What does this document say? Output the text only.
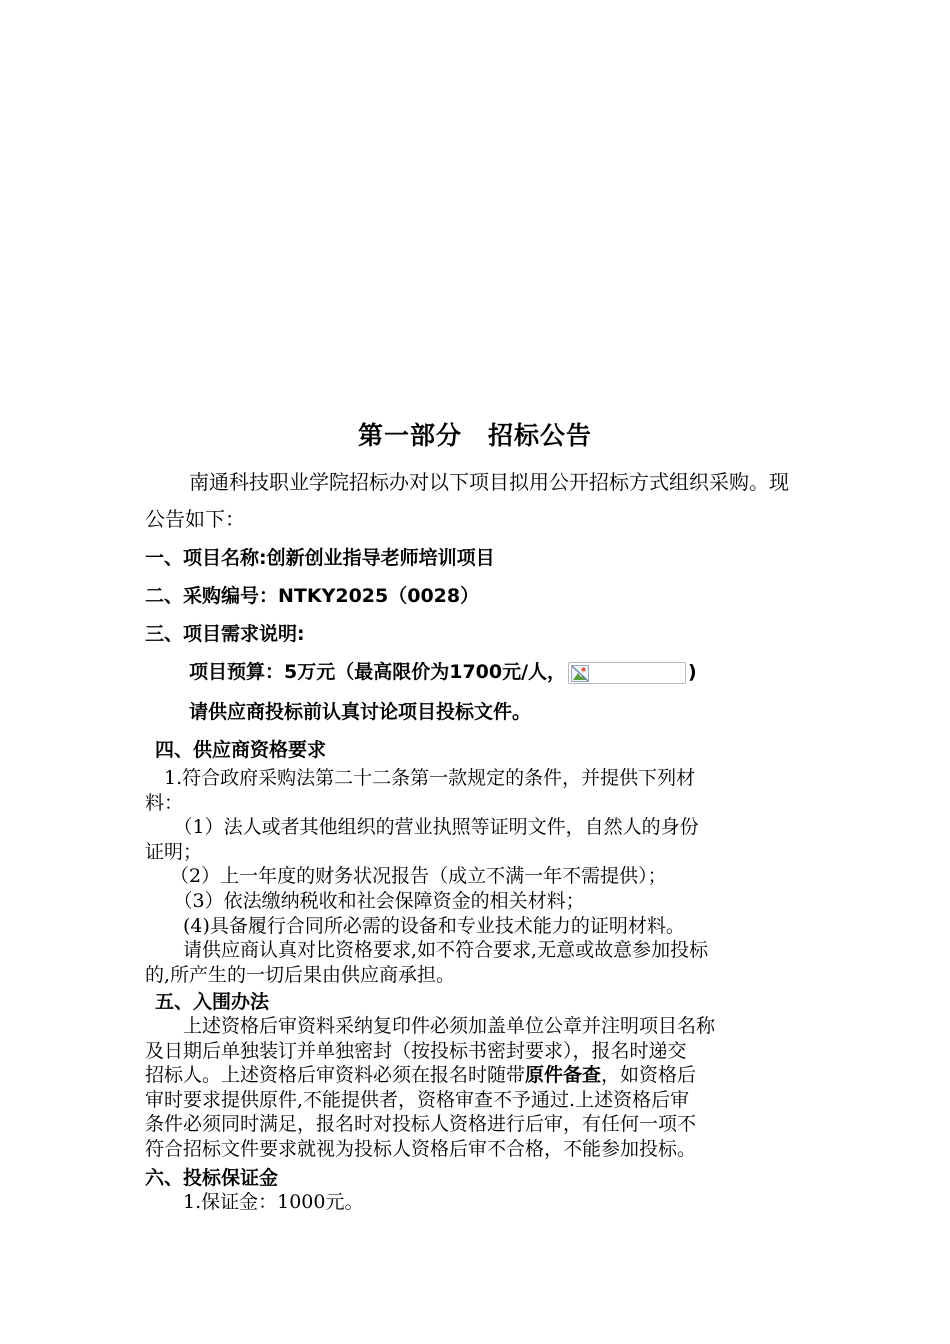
第一部分　招标公告
南通科技职业学院招标办对以下项目拟用公开招标方式组织采购。现公告如下：
一、项目名称:创新创业指导老师培训项目
二、采购编号：NTKY2025（0028）
三、项目需求说明:
项目预算：5万元（最高限价为1700元/人，	)
请供应商投标前认真讨论项目投标文件。
四、供应商资格要求
　1.符合政府采购法第二十二条第一款规定的条件，并提供下列材
料：
　　（1）法人或者其他组织的营业执照等证明文件，自然人的身份
证明；
　 （2）上一年度的财务状况报告（成立不满一年不需提供）；
　　（3）依法缴纳税收和社会保障资金的相关材料；
　　(4)具备履行合同所必需的设备和专业技术能力的证明材料。
　　请供应商认真对比资格要求,如不符合要求,无意或故意参加投标
的,所产生的一切后果由供应商承担。
五、入围办法
　　上述资格后审资料采纳复印件必须加盖单位公章并注明项目名称
及日期后单独装订并单独密封（按投标书密封要求），报名时递交
招标人。上述资格后审资料必须在报名时随带原件备查，如资格后
审时要求提供原件,不能提供者，资格审查不予通过.上述资格后审
条件必须同时满足，报名时对投标人资格进行后审，有任何一项不
符合招标文件要求就视为投标人资格后审不合格，不能参加投标。
六、投标保证金
　　1.保证金：1000元。
